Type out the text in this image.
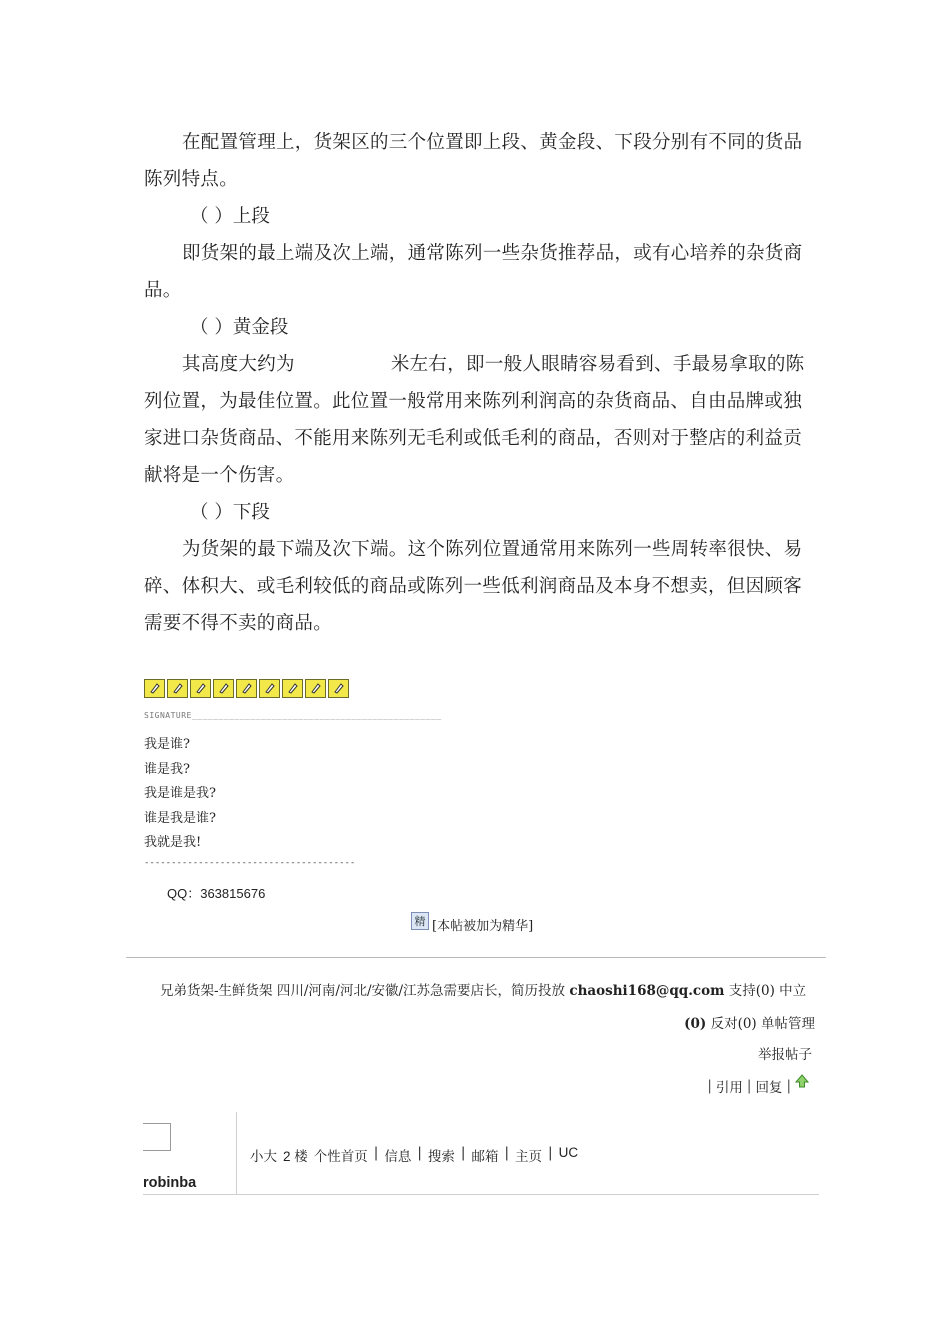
在配置管理上，货架区的三个位置即上段、黄金段、下段分别有不同的货品陈列特点。

（ ）上段

即货架的最上端及次上端，通常陈列一些杂货推荐品，或有心培养的杂货商品。

（ ）黄金段

其高度大约为	米左右，即一般人眼睛容易看到、手最易拿取的陈列位置，为最佳位置。此位置一般常用来陈列利润高的杂货商品、自由品牌或独家进口杂货商品、不能用来陈列无毛利或低毛利的商品，否则对于整店的利益贡献将是一个伤害。

（ ）下段

为货架的最下端及次下端。这个陈列位置通常用来陈列一些周转率很快、易碎、体积大、或毛利较低的商品或陈列一些低利润商品及本身不想卖，但因顾客需要不得不卖的商品。

SIGNATURE_______________________________________________
我是谁?
谁是我?
我是谁是我?
谁是我是谁?
我就是我!
---------------------------------------
QQ：363815676
精 [本帖被加为精华]
兄弟货架-生鲜货架 四川/河南/河北/安徽/江苏急需要店长，简历投放 chaoshi168@qq.com 支持(0) 中立
(0) 反对(0) 单帖管理
举报帖子
| 引用 | 回复 |
robinba
小大 2 楼 个性首页 | 信息 | 搜索 | 邮箱 | 主页 | UC
